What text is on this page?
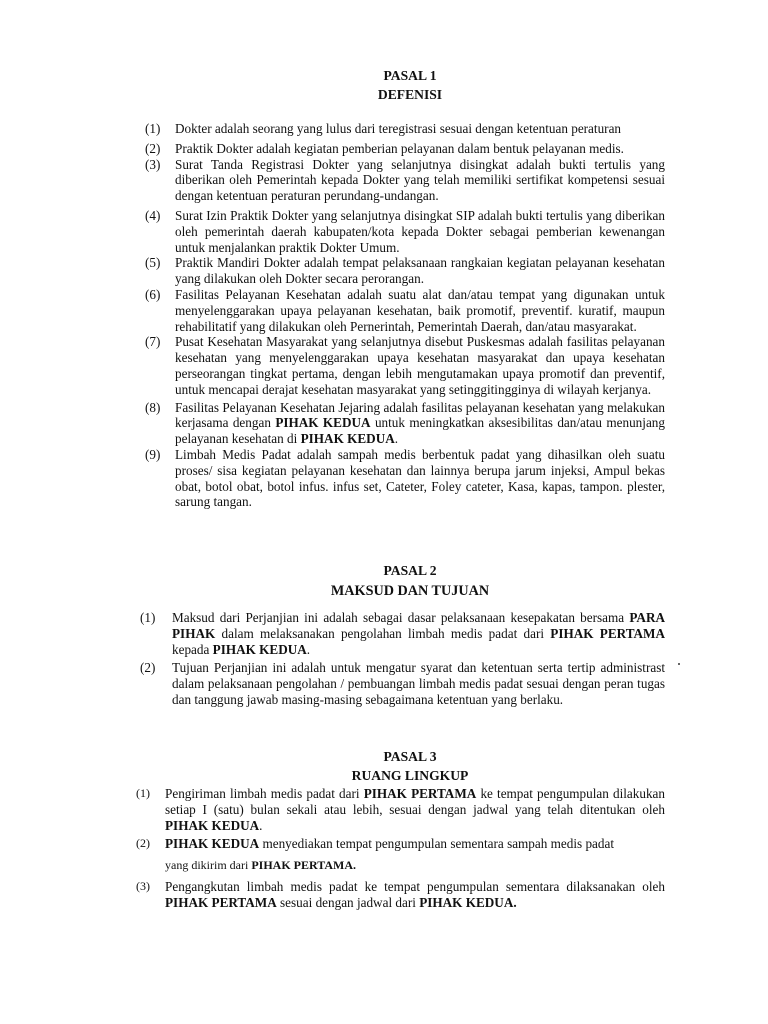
PASAL 1
DEFENISI
(1) Dokter adalah seorang yang lulus dari teregistrasi sesuai dengan ketentuan peraturan
(2) Praktik Dokter adalah kegiatan pemberian pelayanan dalam bentuk pelayanan medis.
(3) Surat Tanda Registrasi Dokter yang selanjutnya disingkat adalah bukti tertulis yang diberikan oleh Pemerintah kepada Dokter yang telah memiliki sertifikat kompetensi sesuai dengan ketentuan peraturan perundang-undangan.
(4) Surat Izin Praktik Dokter yang selanjutnya disingkat SIP adalah bukti tertulis yang diberikan oleh pemerintah daerah kabupaten/kota kepada Dokter sebagai pemberian kewenangan untuk menjalankan praktik Dokter Umum.
(5) Praktik Mandiri Dokter adalah tempat pelaksanaan rangkaian kegiatan pelayanan kesehatan yang dilakukan oleh Dokter secara perorangan.
(6) Fasilitas Pelayanan Kesehatan adalah suatu alat dan/atau tempat yang digunakan untuk menyelenggarakan upaya pelayanan kesehatan, baik promotif, preventif. kuratif, maupun rehabilitatif yang dilakukan oleh Pernerintah, Pemerintah Daerah, dan/atau masyarakat.
(7) Pusat Kesehatan Masyarakat yang selanjutnya disebut Puskesmas adalah fasilitas pelayanan kesehatan yang menyelenggarakan upaya kesehatan masyarakat dan upaya kesehatan perseorangan tingkat pertama, dengan lebih mengutamakan upaya promotif dan preventif, untuk mencapai derajat kesehatan masyarakat yang setinggitingginya di wilayah kerjanya.
(8) Fasilitas Pelayanan Kesehatan Jejaring adalah fasilitas pelayanan kesehatan yang melakukan kerjasama dengan PIHAK KEDUA untuk meningkatkan aksesibilitas dan/atau menunjang pelayanan kesehatan di PIHAK KEDUA.
(9) Limbah Medis Padat adalah sampah medis berbentuk padat yang dihasilkan oleh suatu proses/ sisa kegiatan pelayanan kesehatan dan lainnya berupa jarum injeksi, Ampul bekas obat, botol obat, botol infus. infus set, Cateter, Foley cateter, Kasa, kapas, tampon. plester, sarung tangan.
PASAL 2
MAKSUD DAN TUJUAN
(1) Maksud dari Perjanjian ini adalah sebagai dasar pelaksanaan kesepakatan bersama PARA PIHAK dalam melaksanakan pengolahan limbah medis padat dari PIHAK PERTAMA kepada PIHAK KEDUA.
(2) Tujuan Perjanjian ini adalah untuk mengatur syarat dan ketentuan serta tertip administrast dalam pelaksanaan pengolahan / pembuangan limbah medis padat sesuai dengan peran tugas dan tanggung jawab masing-masing sebagaimana ketentuan yang berlaku.
PASAL 3
RUANG LINGKUP
(1) Pengiriman limbah medis padat dari PIHAK PERTAMA ke tempat pengumpulan dilakukan setiap I (satu) bulan sekali atau lebih, sesuai dengan jadwal yang telah ditentukan oleh PIHAK KEDUA.
(2) PIHAK KEDUA menyediakan tempat pengumpulan sementara sampah medis padat
yang dikirim dari PIHAK PERTAMA.
(3) Pengangkutan limbah medis padat ke tempat pengumpulan sementara dilaksanakan oleh PIHAK PERTAMA sesuai dengan jadwal dari PIHAK KEDUA.
